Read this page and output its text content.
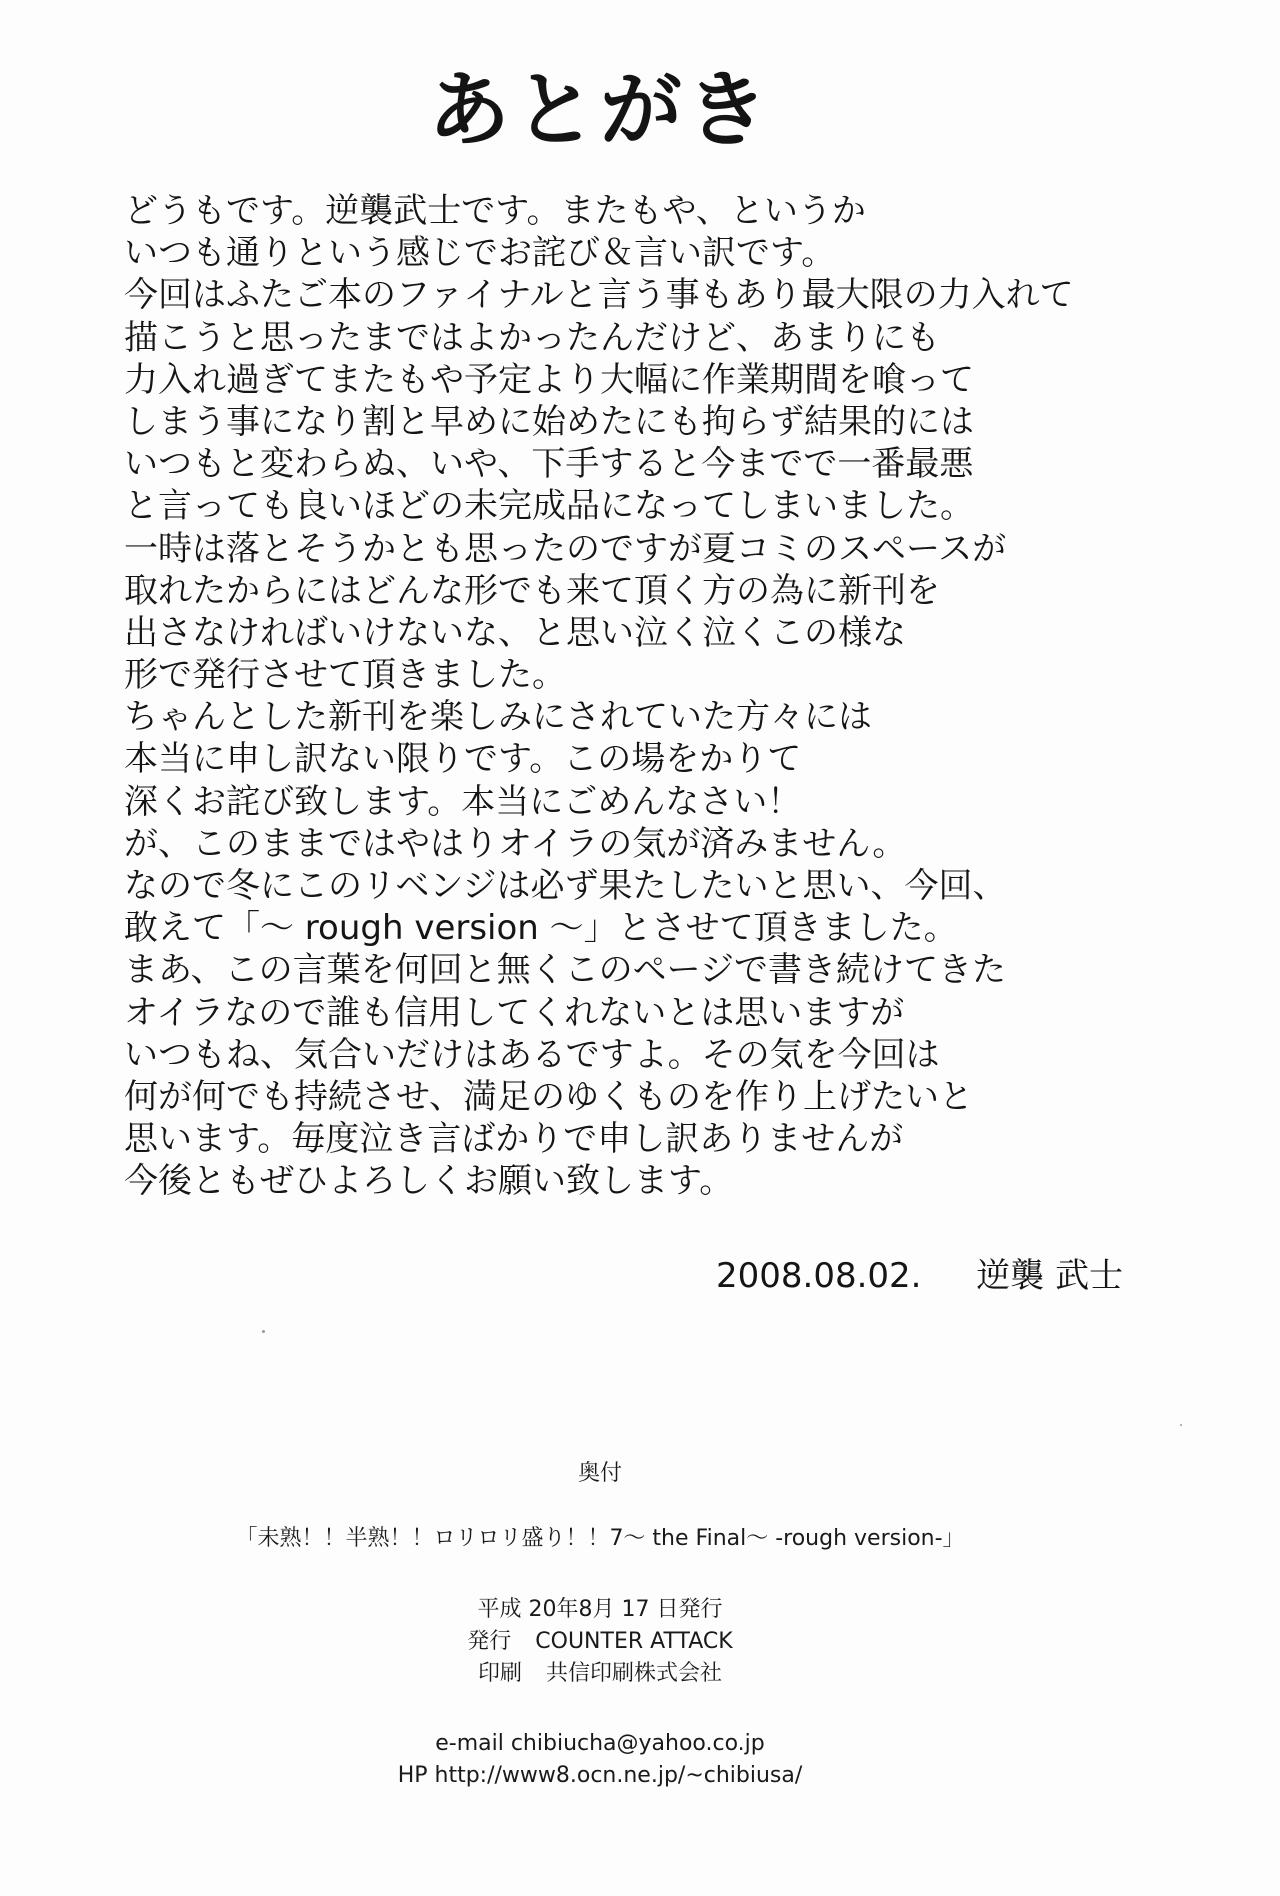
あとがき
どうもです。逆襲武士です。またもや、というか
いつも通りという感じでお詫び＆言い訳です。
今回はふたご本のファイナルと言う事もあり最大限の力入れて
描こうと思ったまではよかったんだけど、あまりにも
力入れ過ぎてまたもや予定より大幅に作業期間を喰って
しまう事になり割と早めに始めたにも拘らず結果的には
いつもと変わらぬ、いや、下手すると今までで一番最悪
と言っても良いほどの未完成品になってしまいました。
一時は落とそうかとも思ったのですが夏コミのスペースが
取れたからにはどんな形でも来て頂く方の為に新刊を
出さなければいけないな、と思い泣く泣くこの様な
形で発行させて頂きました。
ちゃんとした新刊を楽しみにされていた方々には
本当に申し訳ない限りです。この場をかりて
深くお詫び致します。本当にごめんなさい！
が、このままではやはりオイラの気が済みません。
なので冬にこのリベンジは必ず果たしたいと思い、今回、
敢えて「～ rough version ～」とさせて頂きました。
まあ、この言葉を何回と無くこのページで書き続けてきた
オイラなので誰も信用してくれないとは思いますが
いつもね、気合いだけはあるですよ。その気を今回は
何が何でも持続させ、満足のゆくものを作り上げたいと
思います。毎度泣き言ばかりで申し訳ありませんが
今後ともぜひよろしくお願い致します。
2008.08.02. 逆襲 武士
奥付
「未熟！！半熟！！ロリロリ盛り！！7～ the Final～ -rough version-」
平成 20年8月 17 日発行
発行 COUNTER ATTACK
印刷 共信印刷株式会社
e-mail chibiucha@yahoo.co.jp
HP http://www8.ocn.ne.jp/~chibiusa/
